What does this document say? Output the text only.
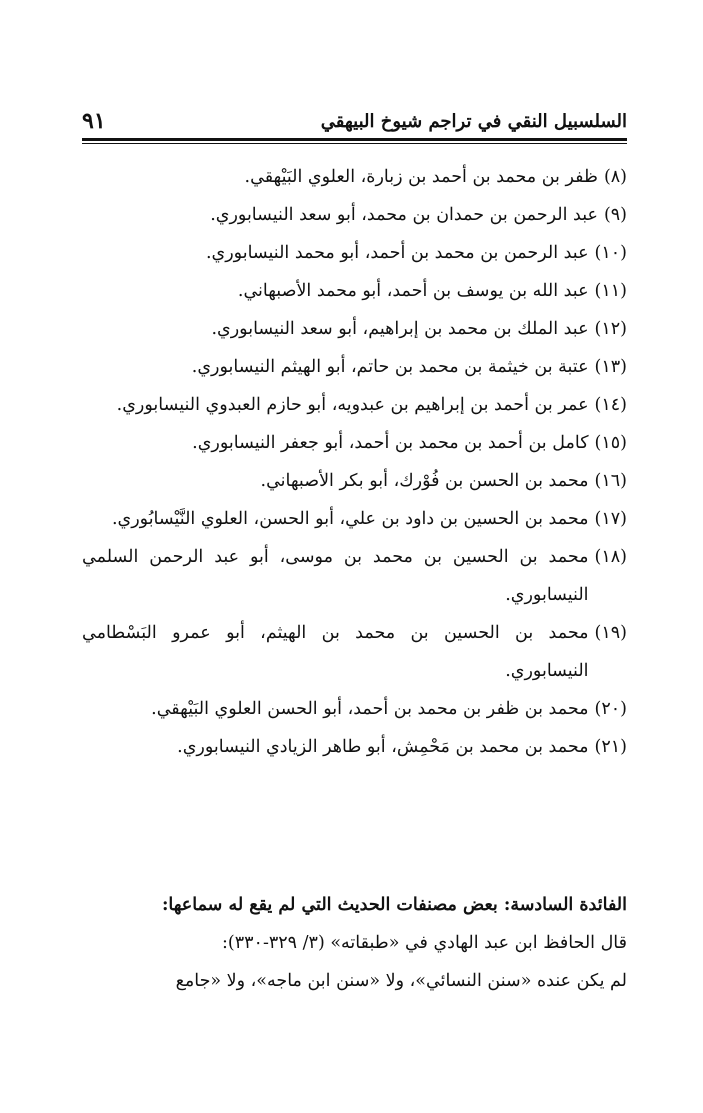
السلسبيل النقي في تراجم شيوخ البيهقي
٩١
(٨)
ظفر بن محمد بن أحمد بن زبارة، العلوي البَيْهقي.
(٩)
عبد الرحمن بن حمدان بن محمد، أبو سعد النيسابوري.
(١٠)
عبد الرحمن بن محمد بن أحمد، أبو محمد النيسابوري.
(١١)
عبد الله بن يوسف بن أحمد، أبو محمد الأصبهاني.
(١٢)
عبد الملك بن محمد بن إبراهيم، أبو سعد النيسابوري.
(١٣)
عتبة بن خيثمة بن محمد بن حاتم، أبو الهيثم النيسابوري.
(١٤)
عمر بن أحمد بن إبراهيم بن عبدويه، أبو حازم العبدوي النيسابوري.
(١٥)
كامل بن أحمد بن محمد بن أحمد، أبو جعفر النيسابوري.
(١٦)
محمد بن الحسن بن فُوْرك، أبو بكر الأصبهاني.
(١٧)
محمد بن الحسين بن داود بن علي، أبو الحسن، العلوي النَّيْسابُوري.
(١٨)
محمد بن الحسين بن محمد بن موسى، أبو عبد الرحمن السلمي النيسابوري.
(١٩)
محمد بن الحسين بن محمد بن الهيثم، أبو عمرو البَسْطامي النيسابوري.
(٢٠)
محمد بن ظفر بن محمد بن أحمد، أبو الحسن العلوي البَيْهقي.
(٢١)
محمد بن محمد بن مَحْمِش، أبو طاهر الزيادي النيسابوري.

الفائدة السادسة: بعض مصنفات الحديث التي لم يقع له سماعها:

قال الحافظ ابن عبد الهادي في «طبقاته» (٣/ ٣٢٩-٣٣٠):

لم يكن عنده «سنن النسائي»، ولا «سنن ابن ماجه»، ولا «جامع
